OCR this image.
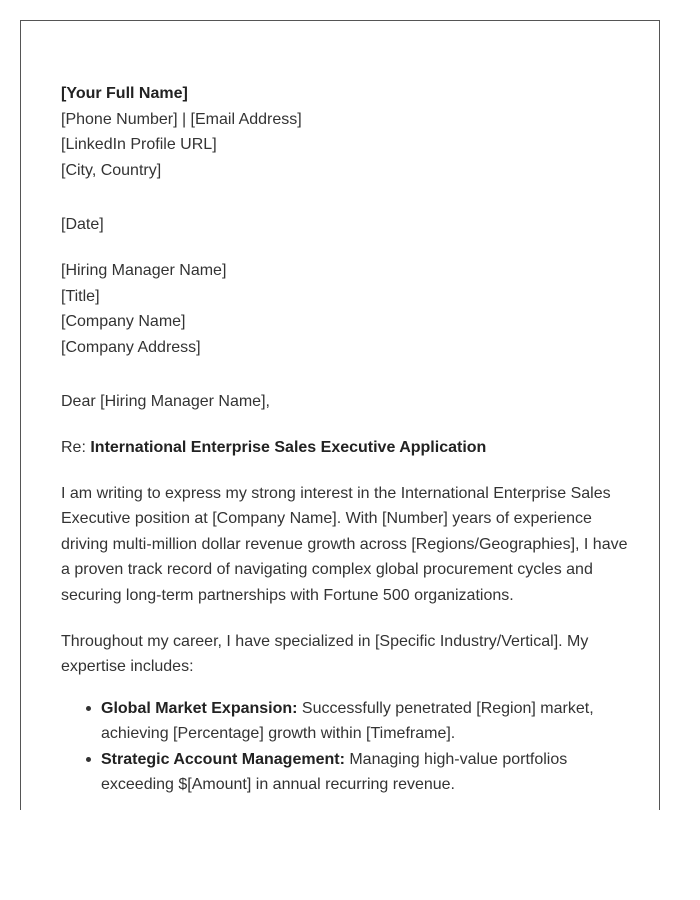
[Your Full Name]

[Phone Number] | [Email Address]

[LinkedIn Profile URL]

[City, Country]

[Date]

[Hiring Manager Name]

[Title]

[Company Name]

[Company Address]

Dear [Hiring Manager Name],

Re: International Enterprise Sales Executive Application

I am writing to express my strong interest in the International Enterprise Sales Executive position at [Company Name]. With [Number] years of experience driving multi-million dollar revenue growth across [Regions/Geographies], I have a proven track record of navigating complex global procurement cycles and securing long-term partnerships with Fortune 500 organizations.

Throughout my career, I have specialized in [Specific Industry/Vertical]. My expertise includes:

Global Market Expansion: Successfully penetrated [Region] market, achieving [Percentage] growth within [Timeframe].
Strategic Account Management: Managing high-value portfolios exceeding $[Amount] in annual recurring revenue.
